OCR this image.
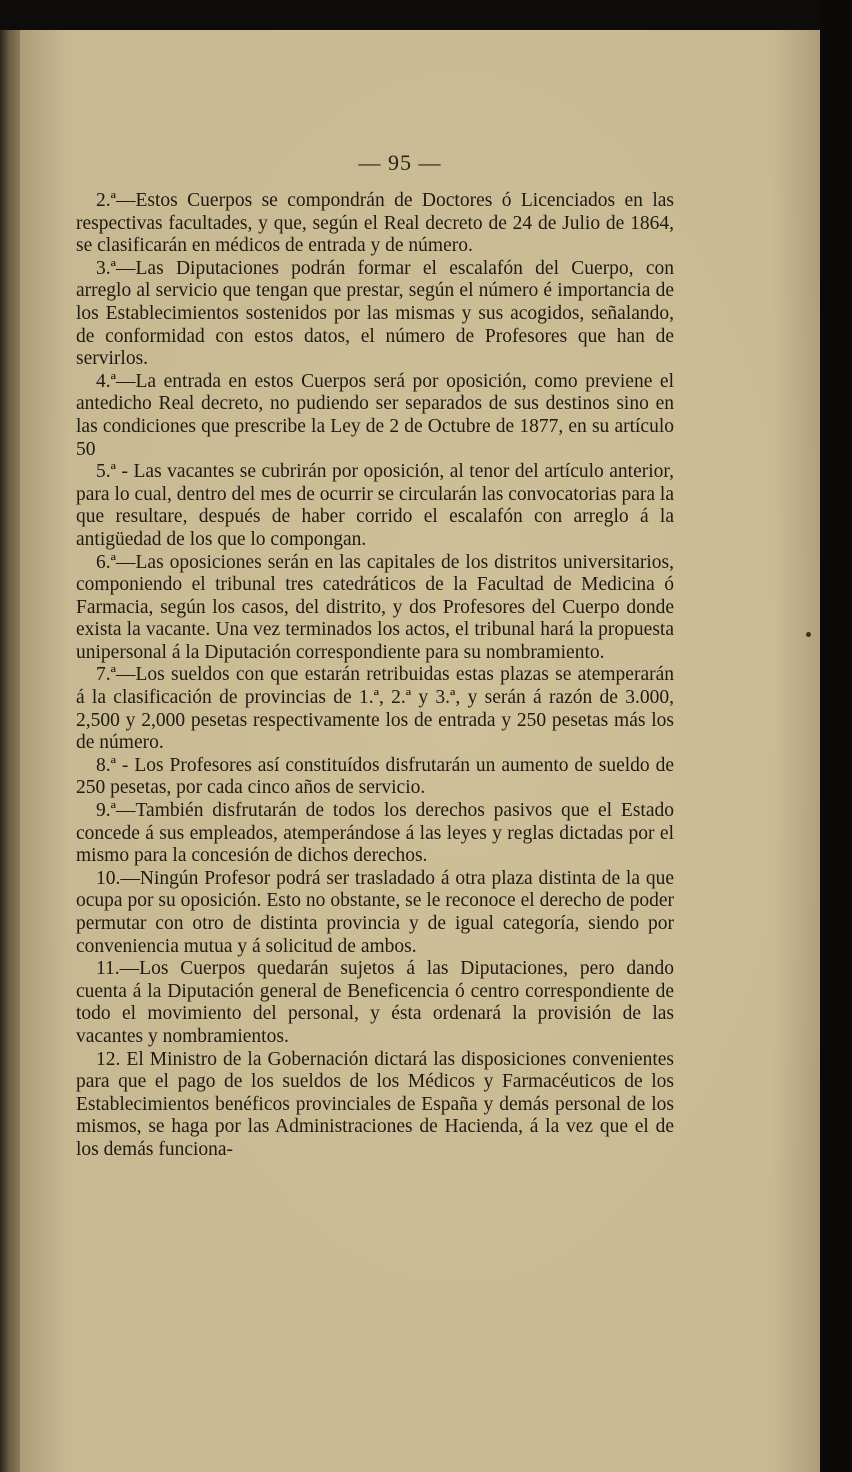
— 95 —

2.ª—Estos Cuerpos se compondrán de Doctores ó Licenciados en las respectivas facultades, y que, según el Real decreto de 24 de Julio de 1864, se clasificarán en médicos de entrada y de número.

3.ª—Las Diputaciones podrán formar el escalafón del Cuerpo, con arreglo al servicio que tengan que prestar, según el número é importancia de los Establecimientos sostenidos por las mismas y sus acogidos, señalando, de conformidad con estos datos, el número de Profesores que han de servirlos.

4.ª—La entrada en estos Cuerpos será por oposición, como previene el antedicho Real decreto, no pudiendo ser separados de sus destinos sino en las condiciones que prescribe la Ley de 2 de Octubre de 1877, en su artículo 50

5.ª - Las vacantes se cubrirán por oposición, al tenor del artículo anterior, para lo cual, dentro del mes de ocurrir se circularán las convocatorias para la que resultare, después de haber corrido el escalafón con arreglo á la antigüedad de los que lo compongan.

6.ª—Las oposiciones serán en las capitales de los distritos universitarios, componiendo el tribunal tres catedráticos de la Facultad de Medicina ó Farmacia, según los casos, del distrito, y dos Profesores del Cuerpo donde exista la vacante. Una vez terminados los actos, el tribunal hará la propuesta unipersonal á la Diputación correspondiente para su nombramiento.

7.ª—Los sueldos con que estarán retribuidas estas plazas se atemperarán á la clasificación de provincias de 1.ª, 2.ª y 3.ª, y serán á razón de 3.000, 2,500 y 2,000 pesetas respectivamente los de entrada y 250 pesetas más los de número.

8.ª - Los Profesores así constituídos disfrutarán un aumento de sueldo de 250 pesetas, por cada cinco años de servicio.

9.ª—También disfrutarán de todos los derechos pasivos que el Estado concede á sus empleados, atemperándose á las leyes y reglas dictadas por el mismo para la concesión de dichos derechos.

10.—Ningún Profesor podrá ser trasladado á otra plaza distinta de la que ocupa por su oposición. Esto no obstante, se le reconoce el derecho de poder permutar con otro de distinta provincia y de igual categoría, siendo por conveniencia mutua y á solicitud de ambos.

11.—Los Cuerpos quedarán sujetos á las Diputaciones, pero dando cuenta á la Diputación general de Beneficencia ó centro correspondiente de todo el movimiento del personal, y ésta ordenará la provisión de las vacantes y nombramientos.

12. El Ministro de la Gobernación dictará las disposiciones convenientes para que el pago de los sueldos de los Médicos y Farmacéuticos de los Establecimientos benéficos provinciales de España y demás personal de los mismos, se haga por las Administraciones de Hacienda, á la vez que el de los demás funciona-
